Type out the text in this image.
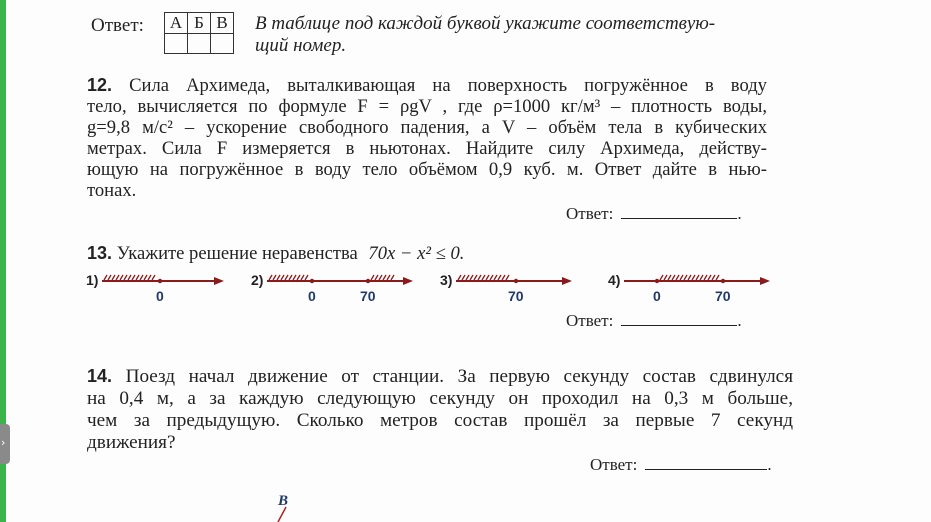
›
Ответ: А	Б	В
		В таблице под каждой буквой укажите соответствую-
щий номер.
12. Сила Архимеда, выталкивающая на поверхность погружённое в воду
тело, вычисляется по формуле F = ρgV , где ρ=1000 кг/м³ – плотность воды,
g=9,8 м/с² – ускорение свободного падения, а V – объём тела в кубических
метрах. Сила F измеряется в ньютонах. Найдите силу Архимеда, действу-
ющую на погружённое в воду тело объёмом 0,9 куб. м. Ответ дайте в нью-
тонах.
Ответ:	.
13. Укажите решение неравенства 70x − x² ≤ 0.
1)
0
2)
0	70
3)
70
4)
0	70
Ответ:	.
14. Поезд начал движение от станции. За первую секунду состав сдвинулся
на 0,4 м, а за каждую следующую секунду он проходил на 0,3 м больше,
чем за предыдущую. Сколько метров состав прошёл за первые 7 секунд
движения?
Ответ:	.
B
